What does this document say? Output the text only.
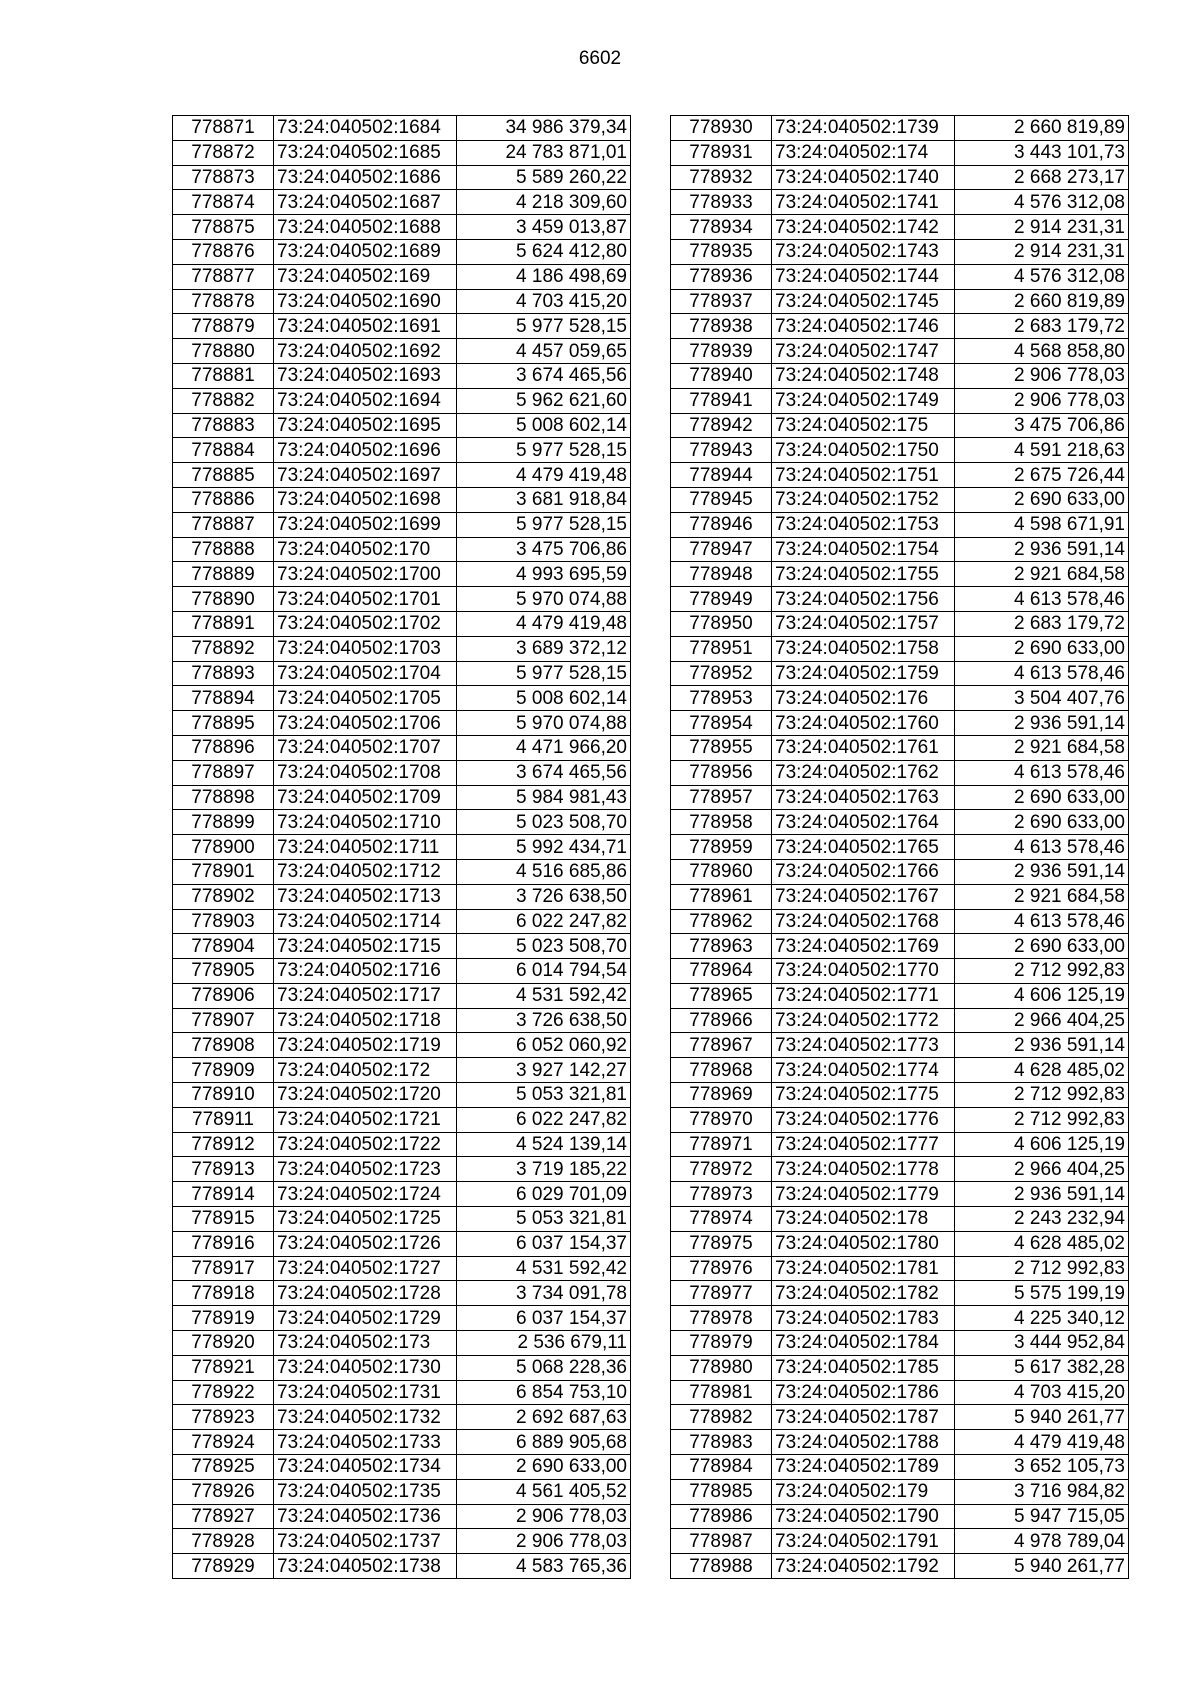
6602
778871	73:24:040502:1684	34 986 379,34
778872	73:24:040502:1685	24 783 871,01
778873	73:24:040502:1686	5 589 260,22
778874	73:24:040502:1687	4 218 309,60
778875	73:24:040502:1688	3 459 013,87
778876	73:24:040502:1689	5 624 412,80
778877	73:24:040502:169	4 186 498,69
778878	73:24:040502:1690	4 703 415,20
778879	73:24:040502:1691	5 977 528,15
778880	73:24:040502:1692	4 457 059,65
778881	73:24:040502:1693	3 674 465,56
778882	73:24:040502:1694	5 962 621,60
778883	73:24:040502:1695	5 008 602,14
778884	73:24:040502:1696	5 977 528,15
778885	73:24:040502:1697	4 479 419,48
778886	73:24:040502:1698	3 681 918,84
778887	73:24:040502:1699	5 977 528,15
778888	73:24:040502:170	3 475 706,86
778889	73:24:040502:1700	4 993 695,59
778890	73:24:040502:1701	5 970 074,88
778891	73:24:040502:1702	4 479 419,48
778892	73:24:040502:1703	3 689 372,12
778893	73:24:040502:1704	5 977 528,15
778894	73:24:040502:1705	5 008 602,14
778895	73:24:040502:1706	5 970 074,88
778896	73:24:040502:1707	4 471 966,20
778897	73:24:040502:1708	3 674 465,56
778898	73:24:040502:1709	5 984 981,43
778899	73:24:040502:1710	5 023 508,70
778900	73:24:040502:1711	5 992 434,71
778901	73:24:040502:1712	4 516 685,86
778902	73:24:040502:1713	3 726 638,50
778903	73:24:040502:1714	6 022 247,82
778904	73:24:040502:1715	5 023 508,70
778905	73:24:040502:1716	6 014 794,54
778906	73:24:040502:1717	4 531 592,42
778907	73:24:040502:1718	3 726 638,50
778908	73:24:040502:1719	6 052 060,92
778909	73:24:040502:172	3 927 142,27
778910	73:24:040502:1720	5 053 321,81
778911	73:24:040502:1721	6 022 247,82
778912	73:24:040502:1722	4 524 139,14
778913	73:24:040502:1723	3 719 185,22
778914	73:24:040502:1724	6 029 701,09
778915	73:24:040502:1725	5 053 321,81
778916	73:24:040502:1726	6 037 154,37
778917	73:24:040502:1727	4 531 592,42
778918	73:24:040502:1728	3 734 091,78
778919	73:24:040502:1729	6 037 154,37
778920	73:24:040502:173	2 536 679,11
778921	73:24:040502:1730	5 068 228,36
778922	73:24:040502:1731	6 854 753,10
778923	73:24:040502:1732	2 692 687,63
778924	73:24:040502:1733	6 889 905,68
778925	73:24:040502:1734	2 690 633,00
778926	73:24:040502:1735	4 561 405,52
778927	73:24:040502:1736	2 906 778,03
778928	73:24:040502:1737	2 906 778,03
778929	73:24:040502:1738	4 583 765,36
778930	73:24:040502:1739	2 660 819,89
778931	73:24:040502:174	3 443 101,73
778932	73:24:040502:1740	2 668 273,17
778933	73:24:040502:1741	4 576 312,08
778934	73:24:040502:1742	2 914 231,31
778935	73:24:040502:1743	2 914 231,31
778936	73:24:040502:1744	4 576 312,08
778937	73:24:040502:1745	2 660 819,89
778938	73:24:040502:1746	2 683 179,72
778939	73:24:040502:1747	4 568 858,80
778940	73:24:040502:1748	2 906 778,03
778941	73:24:040502:1749	2 906 778,03
778942	73:24:040502:175	3 475 706,86
778943	73:24:040502:1750	4 591 218,63
778944	73:24:040502:1751	2 675 726,44
778945	73:24:040502:1752	2 690 633,00
778946	73:24:040502:1753	4 598 671,91
778947	73:24:040502:1754	2 936 591,14
778948	73:24:040502:1755	2 921 684,58
778949	73:24:040502:1756	4 613 578,46
778950	73:24:040502:1757	2 683 179,72
778951	73:24:040502:1758	2 690 633,00
778952	73:24:040502:1759	4 613 578,46
778953	73:24:040502:176	3 504 407,76
778954	73:24:040502:1760	2 936 591,14
778955	73:24:040502:1761	2 921 684,58
778956	73:24:040502:1762	4 613 578,46
778957	73:24:040502:1763	2 690 633,00
778958	73:24:040502:1764	2 690 633,00
778959	73:24:040502:1765	4 613 578,46
778960	73:24:040502:1766	2 936 591,14
778961	73:24:040502:1767	2 921 684,58
778962	73:24:040502:1768	4 613 578,46
778963	73:24:040502:1769	2 690 633,00
778964	73:24:040502:1770	2 712 992,83
778965	73:24:040502:1771	4 606 125,19
778966	73:24:040502:1772	2 966 404,25
778967	73:24:040502:1773	2 936 591,14
778968	73:24:040502:1774	4 628 485,02
778969	73:24:040502:1775	2 712 992,83
778970	73:24:040502:1776	2 712 992,83
778971	73:24:040502:1777	4 606 125,19
778972	73:24:040502:1778	2 966 404,25
778973	73:24:040502:1779	2 936 591,14
778974	73:24:040502:178	2 243 232,94
778975	73:24:040502:1780	4 628 485,02
778976	73:24:040502:1781	2 712 992,83
778977	73:24:040502:1782	5 575 199,19
778978	73:24:040502:1783	4 225 340,12
778979	73:24:040502:1784	3 444 952,84
778980	73:24:040502:1785	5 617 382,28
778981	73:24:040502:1786	4 703 415,20
778982	73:24:040502:1787	5 940 261,77
778983	73:24:040502:1788	4 479 419,48
778984	73:24:040502:1789	3 652 105,73
778985	73:24:040502:179	3 716 984,82
778986	73:24:040502:1790	5 947 715,05
778987	73:24:040502:1791	4 978 789,04
778988	73:24:040502:1792	5 940 261,77
